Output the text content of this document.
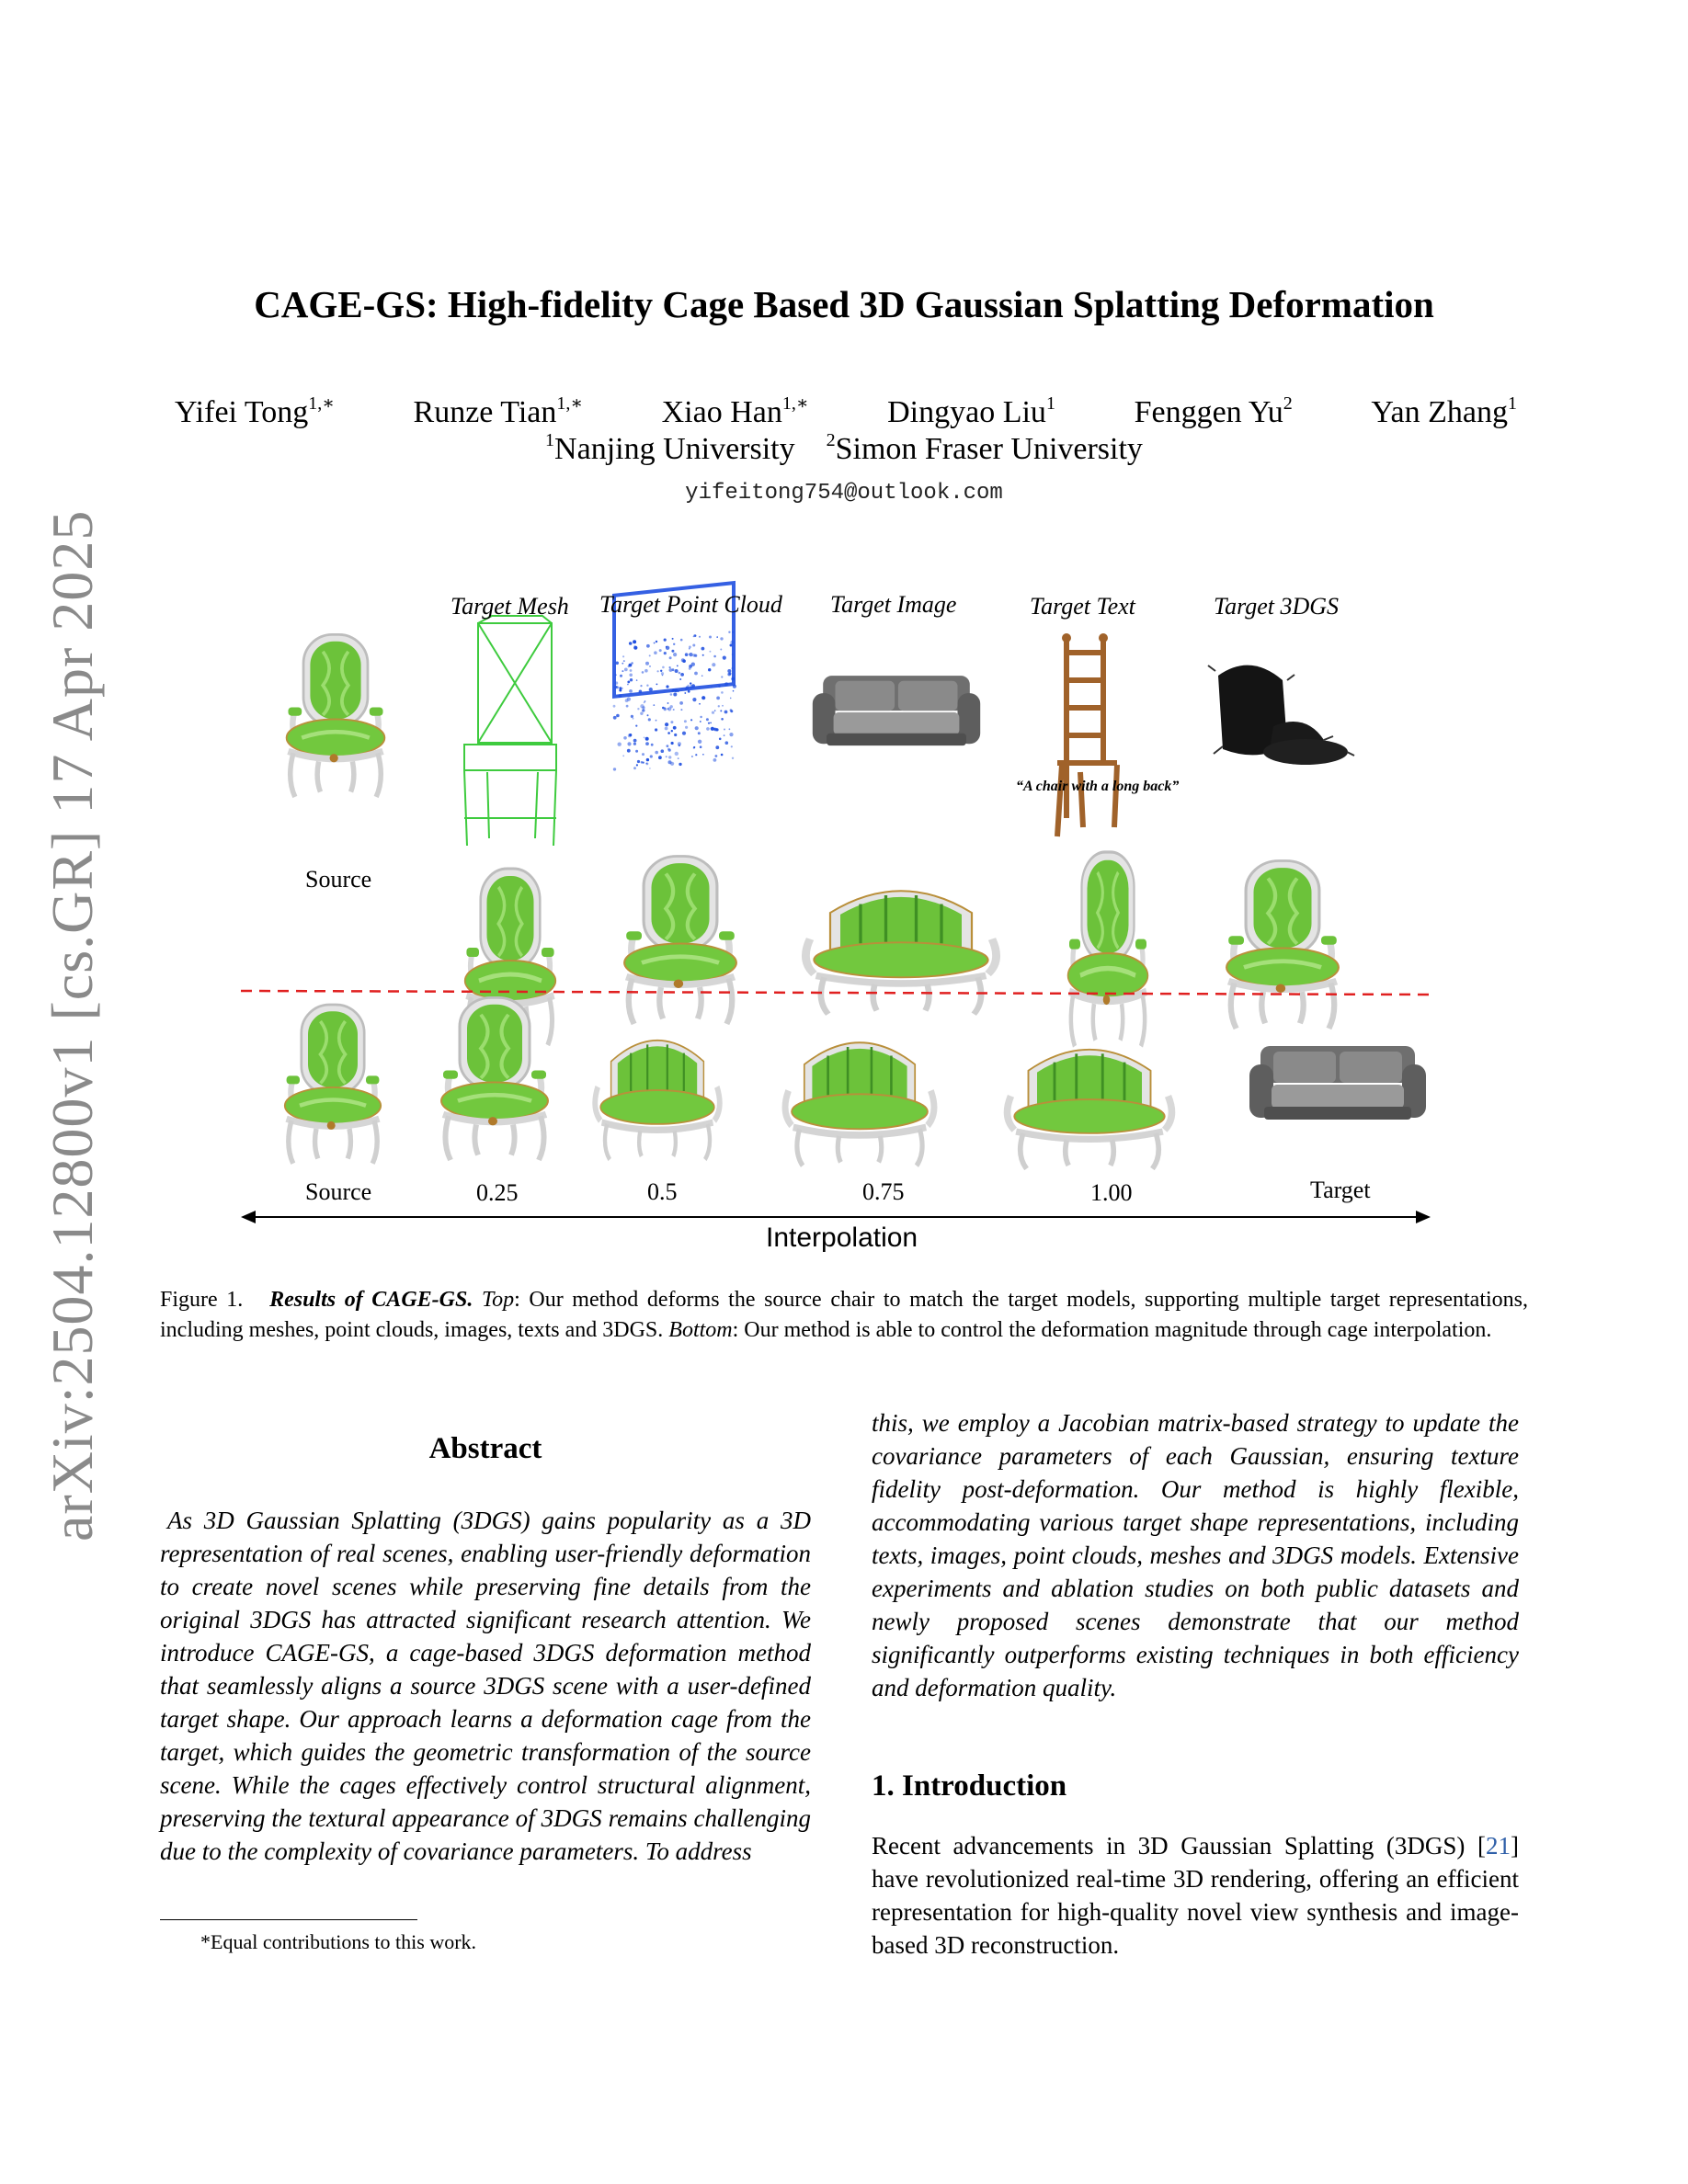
arXiv:2504.12800v1 [cs.GR] 17 Apr 2025
CAGE-GS: High-fidelity Cage Based 3D Gaussian Splatting Deformation
Yifei Tong$^{1,∗}$	Runze Tian$^{1,∗}$	Xiao Han$^{1,∗}$	Dingyao Liu$^1$	Fenggen Yu$^2$	Yan Zhang$^1$
$^1$Nanjing University $^2$Simon Fraser University
yifeitong754@outlook.com
Target Mesh Target Point Cloud Target Image	Target Text	Target 3DGS
“A chair with a long back”
Source
Source	0.25	0.5	0.75	1.00	Target
Interpolation
Figure 1. Results of CAGE-GS. Top: Our method deforms the source chair to match the target models, supporting multiple target representations, including meshes, point clouds, images, texts and 3DGS. Bottom: Our method is able to control the deformation magnitude through cage interpolation.
Abstract
As 3D Gaussian Splatting (3DGS) gains popularity as a 3D representation of real scenes, enabling user-friendly deformation to create novel scenes while preserving fine details from the original 3DGS has attracted significant research attention. We introduce CAGE-GS, a cage-based 3DGS deformation method that seamlessly aligns a source 3DGS scene with a user-defined target shape. Our approach learns a deformation cage from the target, which guides the geometric transformation of the source scene. While the cages effectively control structural alignment, preserving the textural appearance of 3DGS remains challenging due to the complexity of covariance parameters. To address
this, we employ a Jacobian matrix-based strategy to update the covariance parameters of each Gaussian, ensuring texture fidelity post-deformation. Our method is highly flexible, accommodating various target shape representations, including texts, images, point clouds, meshes and 3DGS models. Extensive experiments and ablation studies on both public datasets and newly proposed scenes demonstrate that our method significantly outperforms existing techniques in both efficiency and deformation quality.
1. Introduction
Recent advancements in 3D Gaussian Splatting (3DGS) [21] have revolutionized real-time 3D rendering, offering an efficient representation for high-quality novel view synthesis and image-based 3D reconstruction.
*Equal contributions to this work.
